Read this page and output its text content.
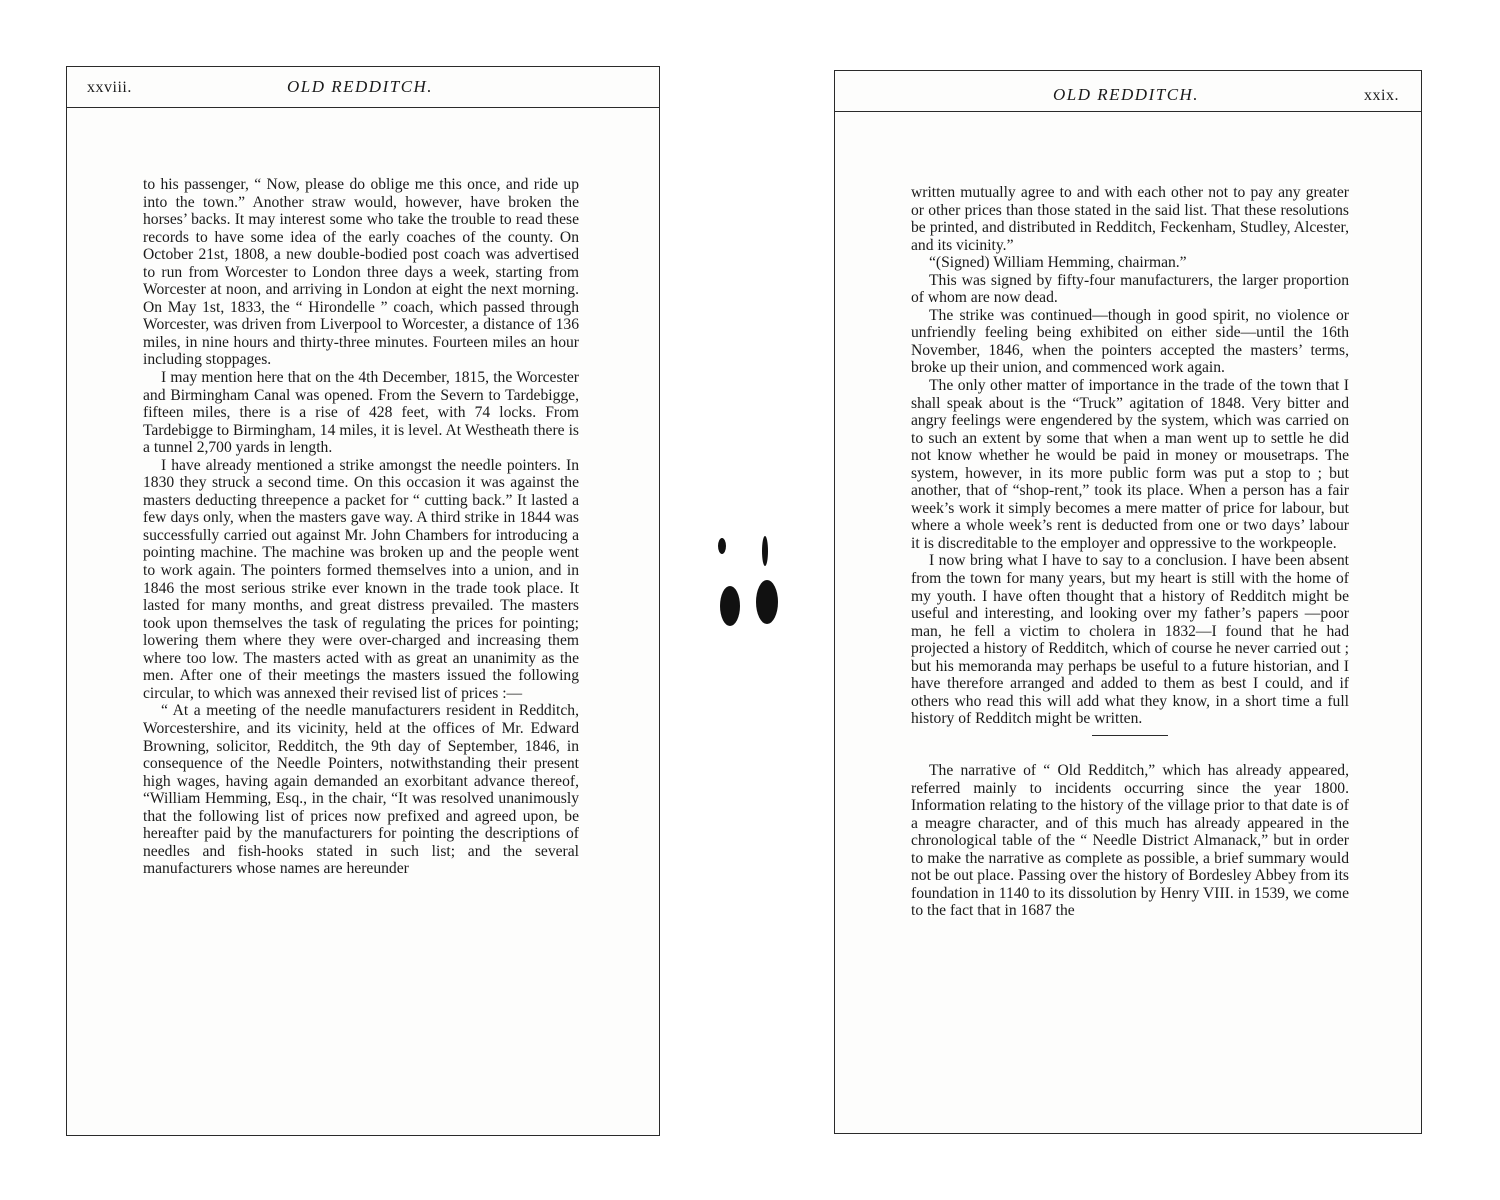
xxviii.	OLD REDDITCH.

to his passenger, “ Now, please do oblige me this once, and ride up into the town.” Another straw would, however, have broken the horses’ backs. It may interest some who take the trouble to read these records to have some idea of the early coaches of the county. On October 21st, 1808, a new double-bodied post coach was advertised to run from Worcester to London three days a week, starting from Worcester at noon, and arriving in London at eight the next morning. On May 1st, 1833, the “ Hirondelle ” coach, which passed through Worcester, was driven from Liverpool to Worcester, a distance of 136 miles, in nine hours and thirty-three minutes. Fourteen miles an hour including stoppages.

I may mention here that on the 4th December, 1815, the Worcester and Birmingham Canal was opened. From the Severn to Tardebigge, fifteen miles, there is a rise of 428 feet, with 74 locks. From Tardebigge to Birmingham, 14 miles, it is level. At Westheath there is a tunnel 2,700 yards in length.

I have already mentioned a strike amongst the needle pointers. In 1830 they struck a second time. On this occasion it was against the masters deducting threepence a packet for “ cutting back.” It lasted a few days only, when the masters gave way. A third strike in 1844 was successfully carried out against Mr. John Chambers for introducing a pointing machine. The machine was broken up and the people went to work again. The pointers formed themselves into a union, and in 1846 the most serious strike ever known in the trade took place. It lasted for many months, and great distress prevailed. The masters took upon themselves the task of regulating the prices for pointing; lowering them where they were over-charged and increasing them where too low. The masters acted with as great an unanimity as the men. After one of their meetings the masters issued the following circular, to which was annexed their revised list of prices :—

“ At a meeting of the needle manufacturers resident in Redditch, Worcestershire, and its vicinity, held at the offices of Mr. Edward Browning, solicitor, Redditch, the 9th day of September, 1846, in consequence of the Needle Pointers, notwithstanding their present high wages, having again demanded an exorbitant advance thereof, “William Hemming, Esq., in the chair, “It was resolved unanimously that the following list of prices now prefixed and agreed upon, be hereafter paid by the manufacturers for pointing the descriptions of needles and fish-hooks stated in such list; and the several manufacturers whose names are hereunder

OLD REDDITCH.	xxix.

written mutually agree to and with each other not to pay any greater or other prices than those stated in the said list. That these resolutions be printed, and distributed in Redditch, Feckenham, Studley, Alcester, and its vicinity.”

“(Signed) William Hemming, chairman.”

This was signed by fifty-four manufacturers, the larger proportion of whom are now dead.

The strike was continued—though in good spirit, no violence or unfriendly feeling being exhibited on either side—until the 16th November, 1846, when the pointers accepted the masters’ terms, broke up their union, and commenced work again.

The only other matter of importance in the trade of the town that I shall speak about is the “Truck” agitation of 1848. Very bitter and angry feelings were engendered by the system, which was carried on to such an extent by some that when a man went up to settle he did not know whether he would be paid in money or mousetraps. The system, however, in its more public form was put a stop to ; but another, that of “shop-rent,” took its place. When a person has a fair week’s work it simply becomes a mere matter of price for labour, but where a whole week’s rent is deducted from one or two days’ labour it is discreditable to the employer and oppressive to the workpeople.

I now bring what I have to say to a conclusion. I have been absent from the town for many years, but my heart is still with the home of my youth. I have often thought that a history of Redditch might be useful and interesting, and looking over my father’s papers —poor man, he fell a victim to cholera in 1832—I found that he had projected a history of Redditch, which of course he never carried out ; but his memoranda may perhaps be useful to a future historian, and I have therefore arranged and added to them as best I could, and if others who read this will add what they know, in a short time a full history of Redditch might be written.

The narrative of “ Old Redditch,” which has already appeared, referred mainly to incidents occurring since the year 1800. Information relating to the history of the village prior to that date is of a meagre character, and of this much has already appeared in the chronological table of the “ Needle District Almanack,” but in order to make the narrative as complete as possible, a brief summary would not be out place. Passing over the history of Bordesley Abbey from its foundation in 1140 to its dissolution by Henry VIII. in 1539, we come to the fact that in 1687 the
